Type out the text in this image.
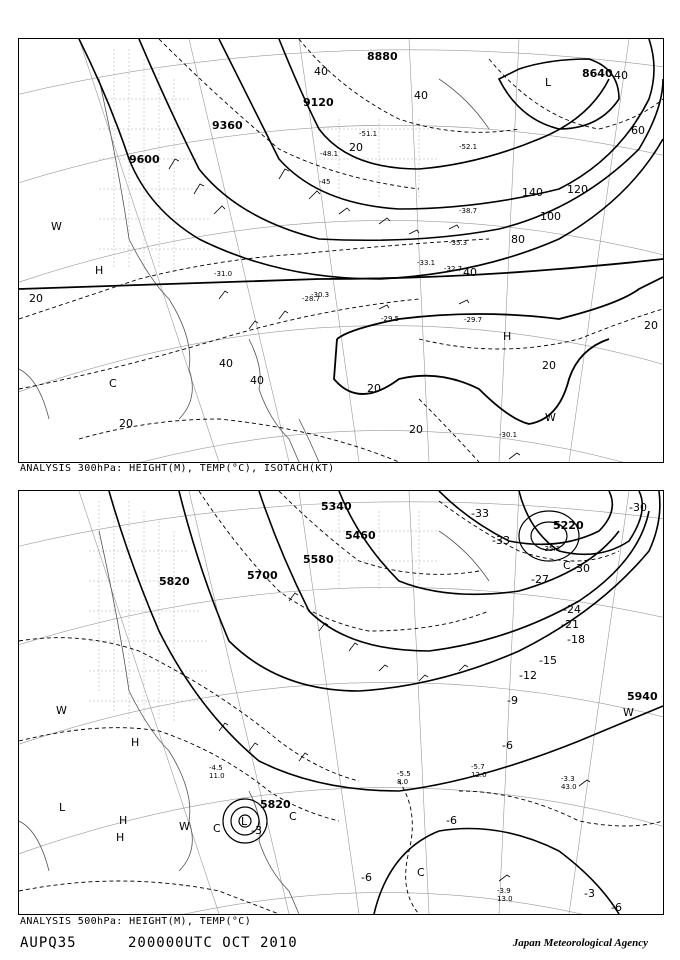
9600
9360
9120
8880
8640
40
20
40
40
60
80
100
120
140
20
40
40
20
20
20
20
20
40
-29.7
-29.5
-30.1
-30.3
-31.0
-33.1
-35.3
-45
-51.1
-52.1
-48.1
-38.7
-32.7
-28.7
H
H
L
W
W
C
ANALYSIS 300hPa: HEIGHT(M), TEMP(°C), ISOTACH(KT)
5820	5700
5580
5460
5340
5220
5820
5940
-33
-33
-30
-30
-27
-24
-21
-18
-15
-12
-9
-6
-3
-6
-6
-6
-3
-5.7
12.0	-3.3
43.0
-3.9
13.0
-5.5
8.0
-4.5
11.0
-35.3
H
H
H
L
L
W
W
W
C
C
C
C
ANALYSIS 500hPa: HEIGHT(M), TEMP(°C)
AUPQ35	200000UTC OCT 2010	Japan Meteorological Agency
